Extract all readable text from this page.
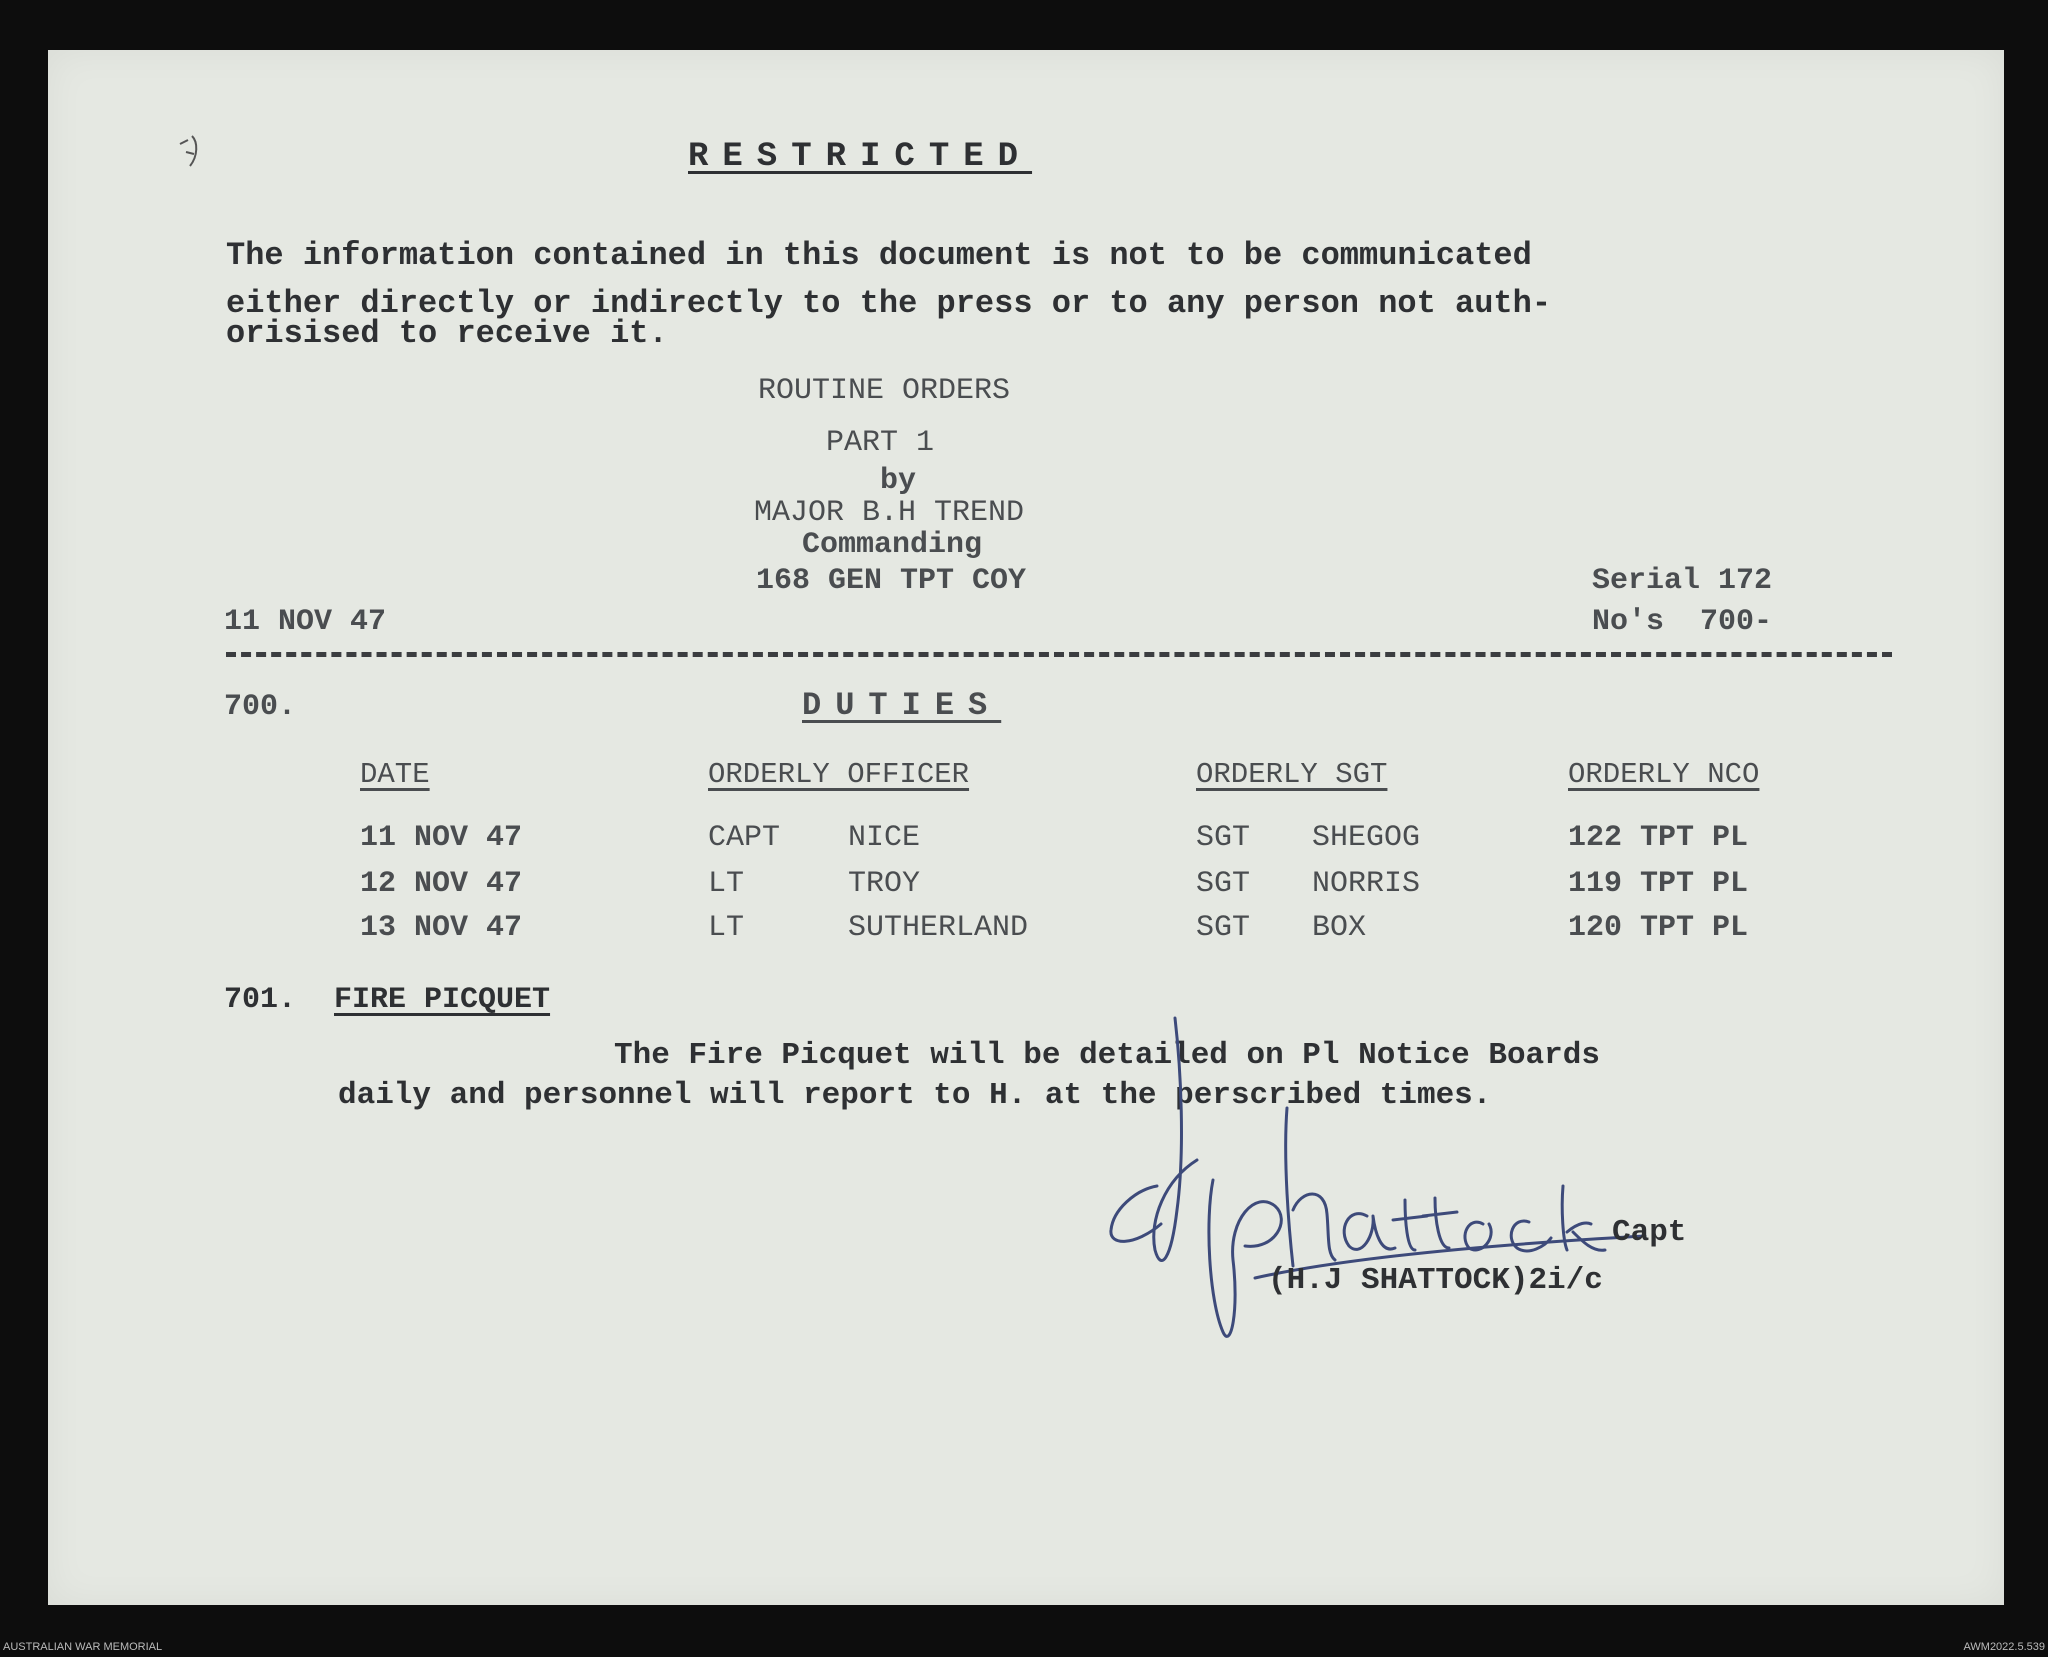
RESTRICTED
The information contained in this document is not to be communicated
either directly or indirectly to the press or to any person not auth-
orisised to receive it.
ROUTINE ORDERS
PART 1
by
MAJOR B.H TREND
Commanding
168 GEN TPT COY	Serial 172
No's  700-
11 NOV 47
700.	DUTIES
DATE	ORDERLY OFFICER	ORDERLY SGT	ORDERLY NCO
11 NOV 47	CAPT NICE	SGT SHEGOG	122 TPT PL
12 NOV 47	LT	TROY	SGT NORRIS	119 TPT PL
13 NOV 47	LT	SUTHERLAND	SGT BOX	120 TPT PL
701. FIRE PICQUET
The Fire Picquet will be detailed on Pl Notice Boards
daily and personnel will report to H. at the perscribed times.
Capt
(H.J SHATTOCK)2i/c
AUSTRALIAN WAR MEMORIAL	AWM2022.5.539
